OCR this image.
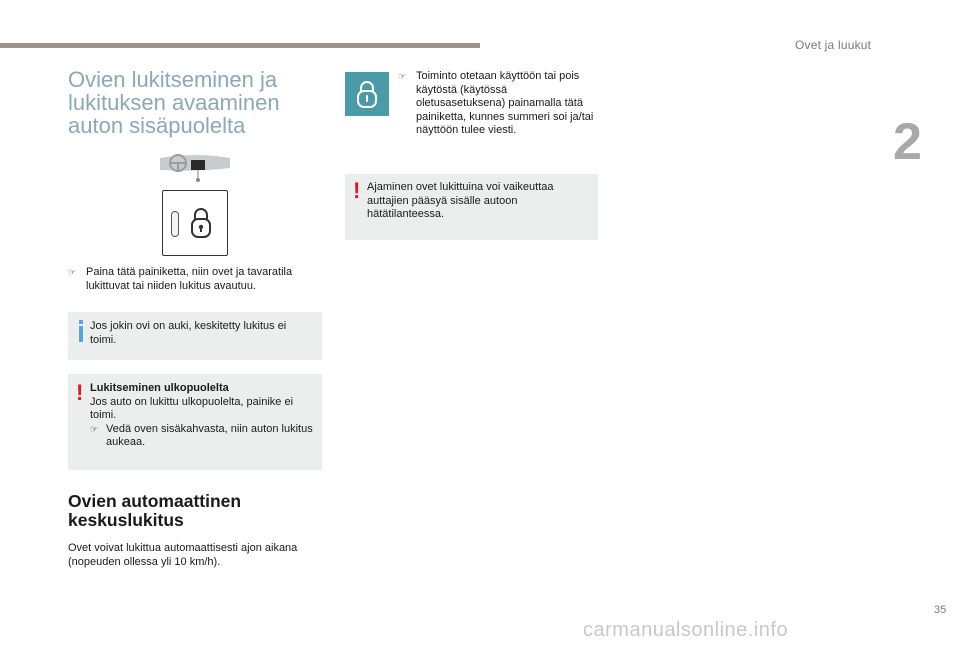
Ovet ja luukut
2
Ovien lukitseminen ja lukituksen avaaminen auton sisäpuolelta
☞ Paina tätä painiketta, niin ovet ja tavaratila lukittuvat tai niiden lukitus avautuu.
Jos jokin ovi on auki, keskitetty lukitus ei toimi.
! Lukitseminen ulkopuolelta
Jos auto on lukittu ulkopuolelta, painike ei toimi.
☞ Vedä oven sisäkahvasta, niin auton lukitus aukeaa.
Ovien automaattinen keskuslukitus
Ovet voivat lukittua automaattisesti ajon aikana (nopeuden ollessa yli 10 km/h).
☞ Toiminto otetaan käyttöön tai pois käytöstä (käytössä oletusasetuksena) painamalla tätä painiketta, kunnes summeri soi ja/tai näyttöön tulee viesti.
! Ajaminen ovet lukittuina voi vaikeuttaa auttajien pääsyä sisälle autoon hätätilanteessa.
35
carmanualsonline.info
